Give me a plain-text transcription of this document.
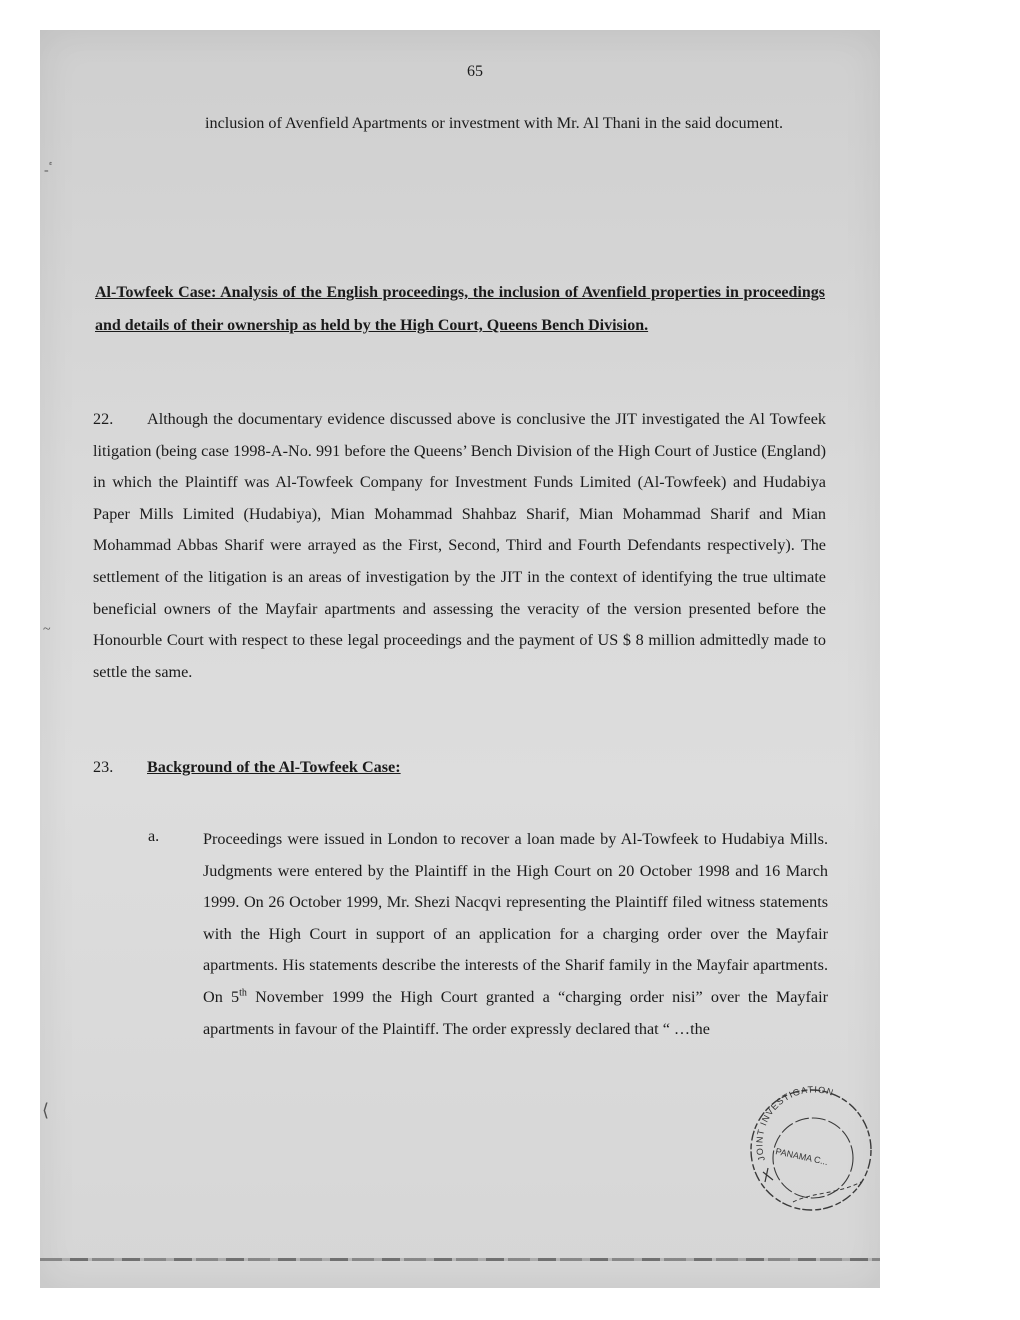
65
inclusion of Avenfield Apartments or investment with Mr. Al Thani in the said document.
Al-Towfeek Case: Analysis of the English proceedings, the inclusion of Avenfield properties in proceedings and details of their ownership as held by the High Court, Queens Bench Division.
22. Although the documentary evidence discussed above is conclusive the JIT investigated the Al Towfeek litigation (being case 1998-A-No. 991 before the Queens’ Bench Division of the High Court of Justice (England) in which the Plaintiff was Al-Towfeek Company for Investment Funds Limited (Al-Towfeek) and Hudabiya Paper Mills Limited (Hudabiya), Mian Mohammad Shahbaz Sharif, Mian Mohammad Sharif and Mian Mohammad Abbas Sharif were arrayed as the First, Second, Third and Fourth Defendants respectively). The settlement of the litigation is an areas of investigation by the JIT in the context of identifying the true ultimate beneficial owners of the Mayfair apartments and assessing the veracity of the version presented before the Honourble Court with respect to these legal proceedings and the payment of US $ 8 million admittedly made to settle the same.
23. Background of the Al-Towfeek Case:
a.	Proceedings were issued in London to recover a loan made by Al-Towfeek to Hudabiya Mills. Judgments were entered by the Plaintiff in the High Court on 20 October 1998 and 16 March 1999. On 26 October 1999, Mr. Shezi Nacqvi representing the Plaintiff filed witness statements with the High Court in support of an application for a charging order over the Mayfair apartments. His statements describe the interests of the Sharif family in the Mayfair apartments. On 5th November 1999 the High Court granted a “charging order nisi” over the Mayfair apartments in favour of the Plaintiff. The order expressly declared that “ …the
-ٴ
~
⟨
JOINT INVESTIGATION
PANAMA C...
